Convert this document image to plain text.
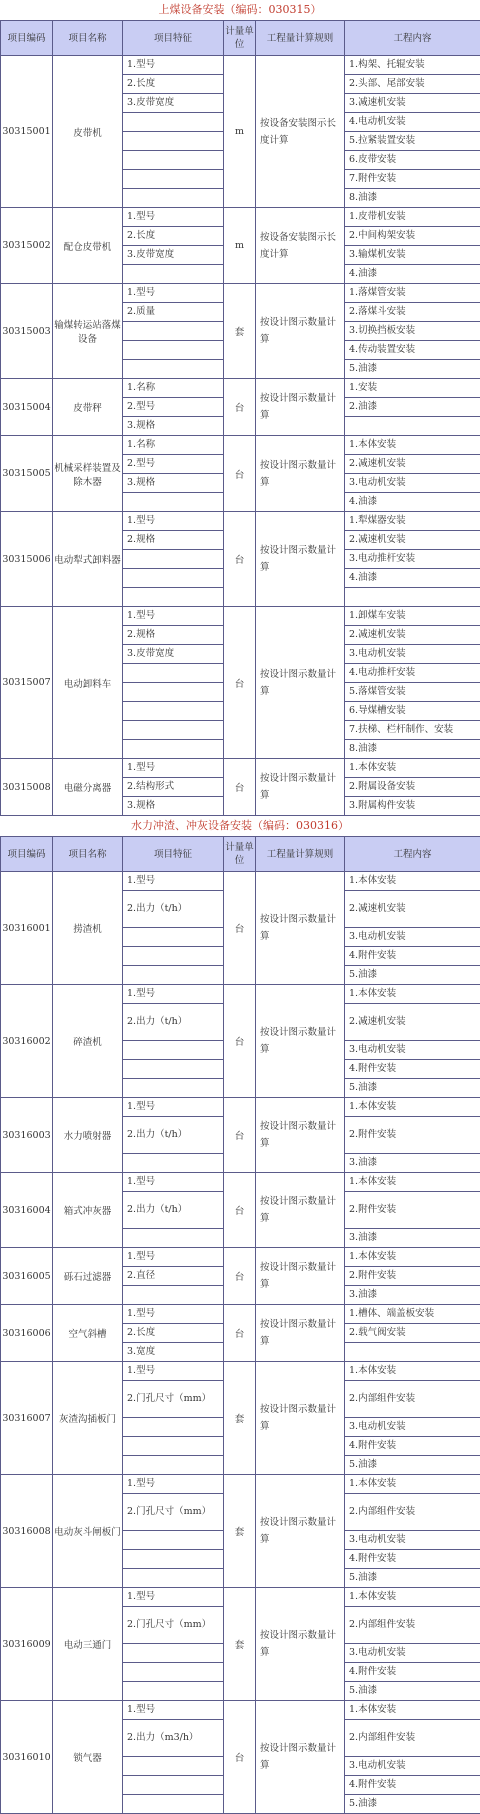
上煤设备安装（编码：030315）
项目编码	项目名称	项目特征	计量单位	工程量计算规则	工程内容
30315001	皮带机	1.型号	m	按设备安装图示长度计算	1.构架、托辊安装
		2.长度			2.头部、尾部安装
		3.皮带宽度			3.减速机安装
					4.电动机安装
					5.拉紧装置安装
					6.皮带安装
					7.附件安装
					8.油漆
30315002	配仓皮带机	1.型号	m	按设备安装图示长度计算	1.皮带机安装
		2.长度			2.中间构架安装
		3.皮带宽度			3.输煤机安装
					4.油漆
30315003	输煤转运站落煤 设备	1.型号	套	按设计图示数量计算	1.落煤管安装
		2.质量			2.落煤斗安装
					3.切换挡板安装
					4.传动装置安装
					5.油漆
30315004	皮带秤	1.名称	台	按设计图示数量计算	1.安装
		2.型号			2.油漆
		3.规格			
30315005	机械采样装置及除木器	1.名称	台	按设计图示数量计算	1.本体安装
		2.型号			2.减速机安装
		3.规格			3.电动机安装
					4.油漆
30315006	电动犁式卸料器	1.型号	台	按设计图示数量计算	1.犁煤器安装
		2.规格			2.减速机安装
					3.电动推杆安装
					4.油漆

30315007	电动卸料车	1.型号	台	按设计图示数量计算	1.卸煤车安装
		2.规格			2.减速机安装
		3.皮带宽度			3.电动机安装
					4.电动推杆安装
					5.落煤管安装
					6.导煤槽安装
					7.扶梯、栏杆制作、安装
					8.油漆
30315008	电磁分离器	1.型号	台	按设计图示数量计算	1.本体安装
		2.结构形式			2.附属设备安装
		3.规格			3.附属构件安装
水力冲渣、冲灰设备安装（编码：030316）
项目编码	项目名称	项目特征	计量单位	工程量计算规则	工程内容
30316001	捞渣机	1.型号	台	按设计图示数量计算	1.本体安装
		2.出力（t/h）			2.减速机安装
					3.电动机安装
					4.附件安装
					5.油漆
30316002	碎渣机	1.型号	台	按设计图示数量计算	1.本体安装
		2.出力（t/h）			2.减速机安装
					3.电动机安装
					4.附件安装
					5.油漆
30316003	水力喷射器	1.型号	台	按设计图示数量计算	1.本体安装
		2.出力（t/h）			2.附件安装
					3.油漆
30316004	箱式冲灰器	1.型号	台	按设计图示数量计算	1.本体安装
		2.出力（t/h）			2.附件安装
					3.油漆
30316005	砾石过滤器	1.型号	台	按设计图示数量计算	1.本体安装
		2.直径			2.附件安装
					3.油漆
30316006	空气斜槽	1.型号	台	按设计图示数量计算	1.槽体、端盖板安装
		2.长度			2.载气阀安装
		3.宽度			
30316007	灰渣沟插板门	1.型号	套	按设计图示数量计算	1.本体安装
		2.门孔尺寸（mm）			2.内部组件安装
					3.电动机安装
					4.附件安装
					5.油漆
30316008	电动灰斗闸板门	1.型号	套	按设计图示数量计算	1.本体安装
		2.门孔尺寸（mm）			2.内部组件安装
					3.电动机安装
					4.附件安装
					5.油漆
30316009	电动三通门	1.型号	套	按设计图示数量计算	1.本体安装
		2.门孔尺寸（mm）			2.内部组件安装
					3.电动机安装
					4.附件安装
					5.油漆
30316010	锁气器	1.型号	台	按设计图示数量计算	1.本体安装
		2.出力（m3/h）			2.内部组件安装
					3.电动机安装
					4.附件安装
					5.油漆
